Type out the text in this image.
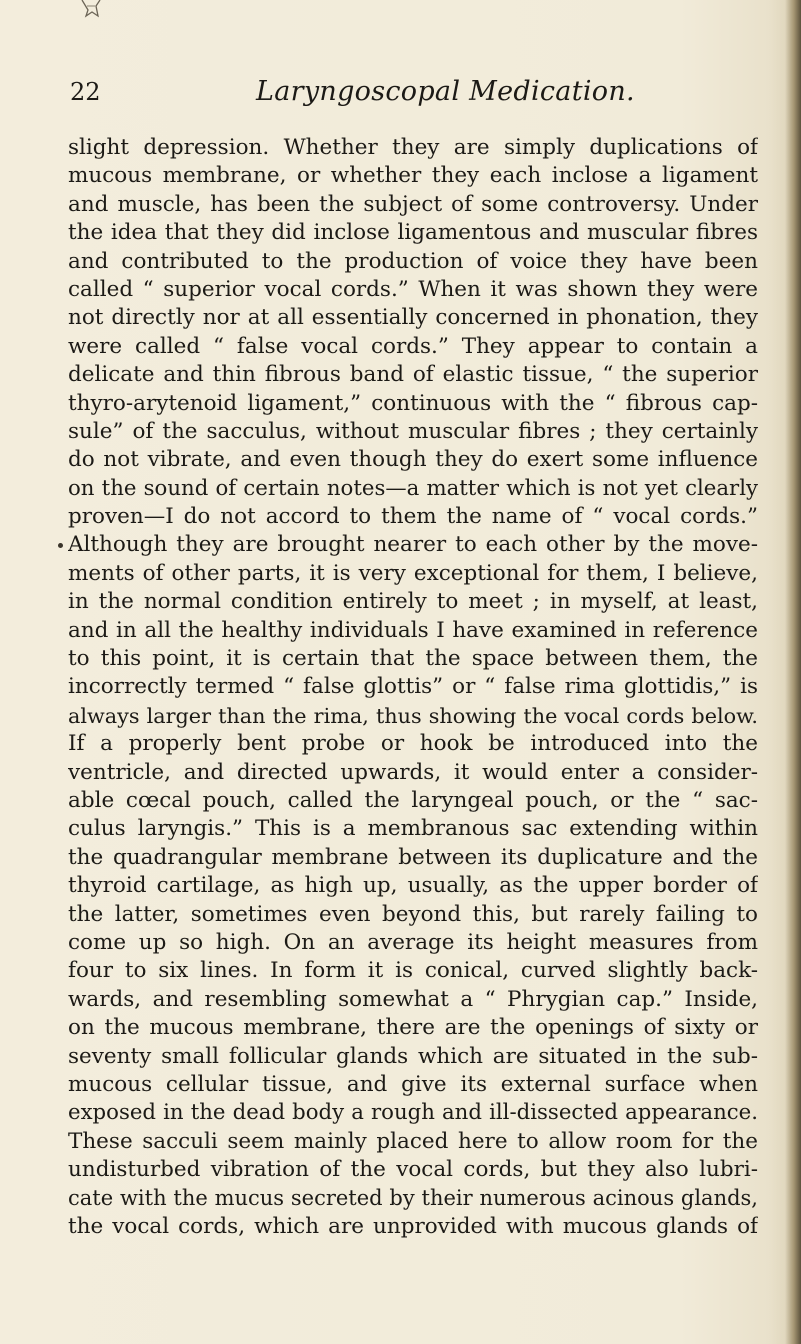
22	Laryngoscopal Medication.
slight depression. Whether they are simply duplications of
mucous membrane, or whether they each inclose a ligament
and muscle, has been the subject of some controversy. Under
the idea that they did inclose ligamentous and muscular fibres
and contributed to the production of voice they have been
called “ superior vocal cords.” When it was shown they were
not directly nor at all essentially concerned in phonation, they
were called “ false vocal cords.” They appear to contain a
delicate and thin fibrous band of elastic tissue, “ the superior
thyro-arytenoid ligament,” continuous with the “ fibrous cap-
sule” of the sacculus, without muscular fibres ; they certainly
do not vibrate, and even though they do exert some influence
on the sound of certain notes—a matter which is not yet clearly
proven—I do not accord to them the name of “ vocal cords.”
Although they are brought nearer to each other by the move-
ments of other parts, it is very exceptional for them, I believe,
in the normal condition entirely to meet ; in myself, at least,
and in all the healthy individuals I have examined in reference
to this point, it is certain that the space between them, the
incorrectly termed “ false glottis” or “ false rima glottidis,” is
always larger than the rima, thus showing the vocal cords below.
If a properly bent probe or hook be introduced into the
ventricle, and directed upwards, it would enter a consider-
able cœcal pouch, called the laryngeal pouch, or the “ sac-
culus laryngis.” This is a membranous sac extending within
the quadrangular membrane between its duplicature and the
thyroid cartilage, as high up, usually, as the upper border of
the latter, sometimes even beyond this, but rarely failing to
come up so high. On an average its height measures from
four to six lines. In form it is conical, curved slightly back-
wards, and resembling somewhat a “ Phrygian cap.” Inside,
on the mucous membrane, there are the openings of sixty or
seventy small follicular glands which are situated in the sub-
mucous cellular tissue, and give its external surface when
exposed in the dead body a rough and ill-dissected appearance.
These sacculi seem mainly placed here to allow room for the
undisturbed vibration of the vocal cords, but they also lubri-
cate with the mucus secreted by their numerous acinous glands,
the vocal cords, which are unprovided with mucous glands of
